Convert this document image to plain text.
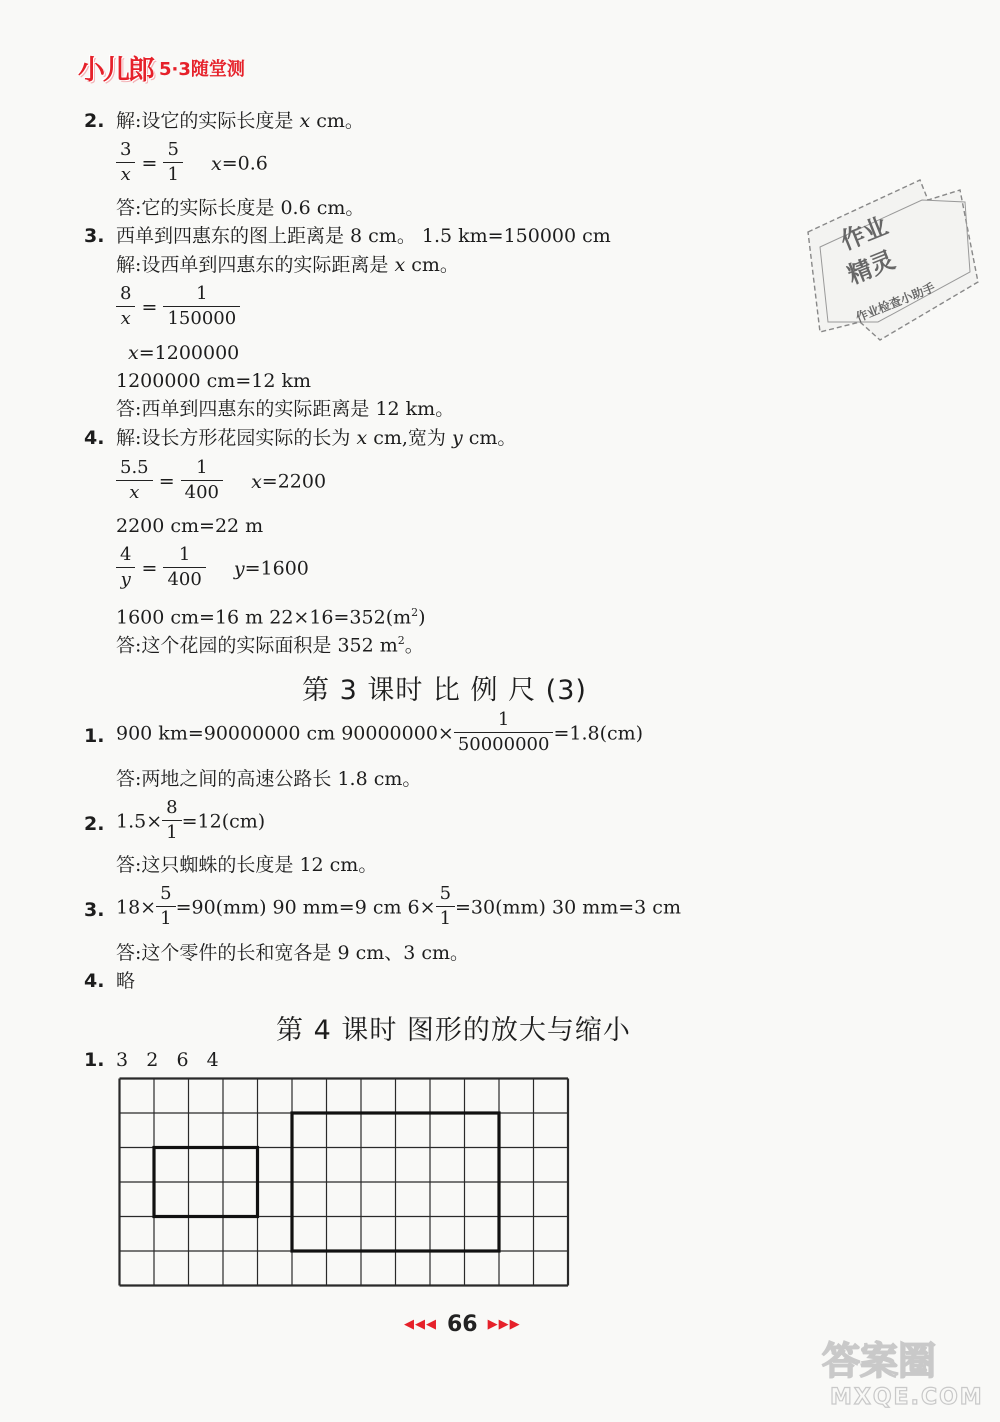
小儿郎 5·3随堂测
作业
精灵
作业检查小助手
2. 解:设它的实际长度是 x cm。
$\frac{3}{x} = \frac{5}{1} x=0.6$
答:它的实际长度是 0.6 cm。
3. 西单到四惠东的图上距离是 8 cm。 1.5 km=150000 cm
解:设西单到四惠东的实际距离是 x cm。
$\frac{8}{x} = \frac{1}{150000}$
x=1200000
1200000 cm=12 km
答:西单到四惠东的实际距离是 12 km。
4. 解:设长方形花园实际的长为 x cm,宽为 y cm。
$\frac{5.5}{x} = \frac{1}{400} x=2200$
2200 cm=22 m
$\frac{4}{y} = \frac{1}{400} y=1600$
1600 cm=16 m $22\times 16=352(m^2)$
答:这个花园的实际面积是 352 $m^2$。
第 3 课时 比 例 尺 (3)
1. 900 km=90000000 cm $90000000\times \frac{1}{50000000} =1.8(cm)$
答:两地之间的高速公路长 1.8 cm。
2. $1.5\times \frac{8}{1} =12(cm)$
答:这只蜘蛛的长度是 12 cm。
3. $18\times \frac{5}{1} =90(mm)$ 90 mm=9 cm $6\times \frac{5}{1} =30(mm)$ 30 mm=3 cm
答:这个零件的长和宽各是 9 cm、3 cm。
4. 略
第 4 课时 图形的放大与缩小
1. 3 2 6 4
◀◀◀ 66 ▶▶▶
答案圈
MXQE.COM
